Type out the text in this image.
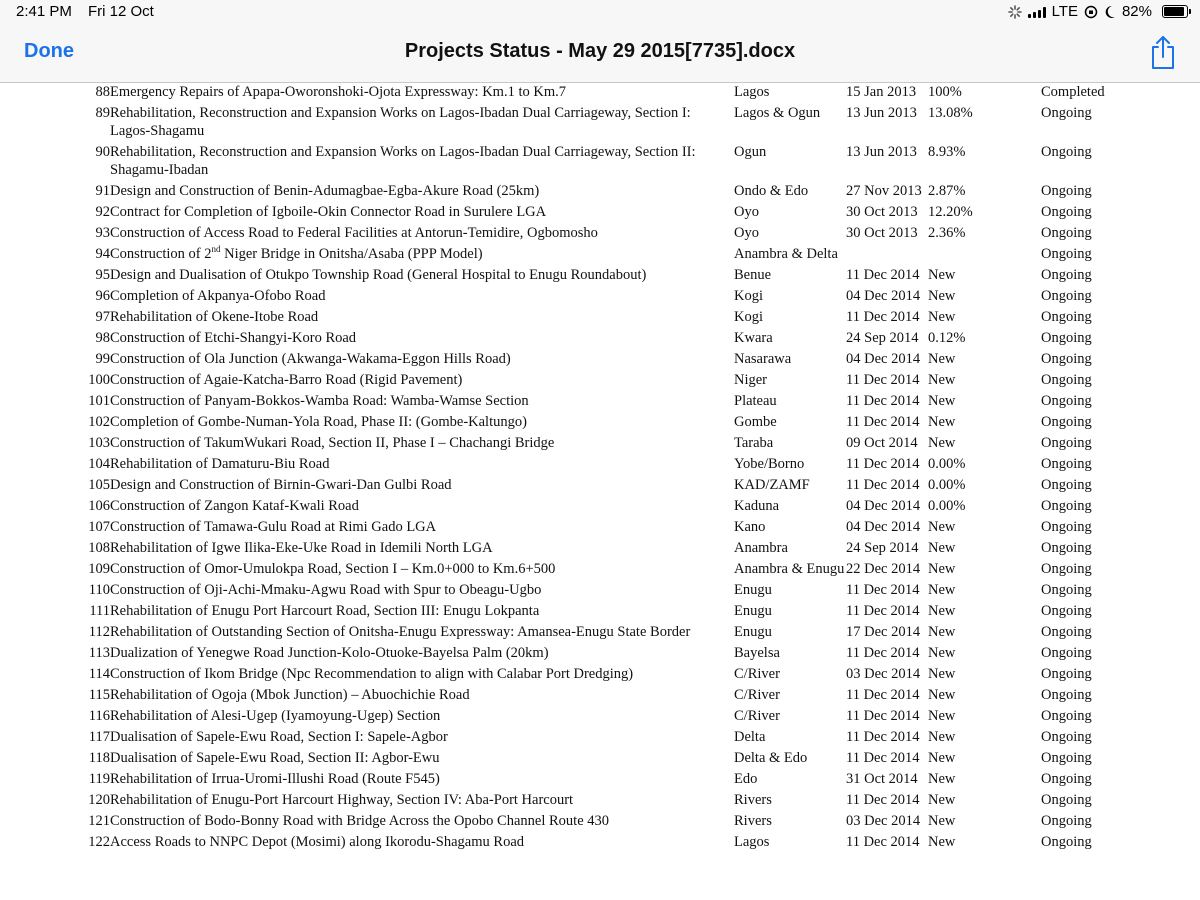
2:41 PM Fri 12 Oct	LTE	82%
Done	Projects Status - May 29 2015[7735].docx
88	Emergency Repairs of Apapa-Oworonshoki-Ojota Expressway: Km.1 to Km.7	Lagos	15 Jan 2013	100%	Completed
89	Rehabilitation, Reconstruction and Expansion Works on Lagos-Ibadan Dual Carriageway, Section I: Lagos-Shagamu	Lagos & Ogun	13 Jun 2013	13.08%	Ongoing
90	Rehabilitation, Reconstruction and Expansion Works on Lagos-Ibadan Dual Carriageway, Section II: Shagamu-Ibadan	Ogun	13 Jun 2013	8.93%	Ongoing
91	Design and Construction of Benin-Adumagbae-Egba-Akure Road (25km)	Ondo & Edo	27 Nov 2013	2.87%	Ongoing
92	Contract for Completion of Igboile-Okin Connector Road in Surulere LGA	Oyo	30 Oct 2013	12.20%	Ongoing
93	Construction of Access Road to Federal Facilities at Antorun-Temidire, Ogbomosho	Oyo	30 Oct 2013	2.36%	Ongoing
94	Construction of 2nd Niger Bridge in Onitsha/Asaba (PPP Model)	Anambra & Delta			Ongoing
95	Design and Dualisation of Otukpo Township Road (General Hospital to Enugu Roundabout)	Benue	11 Dec 2014	New	Ongoing
96	Completion of Akpanya-Ofobo Road	Kogi	04 Dec 2014	New	Ongoing
97	Rehabilitation of Okene-Itobe Road	Kogi	11 Dec 2014	New	Ongoing
98	Construction of Etchi-Shangyi-Koro Road	Kwara	24 Sep 2014	0.12%	Ongoing
99	Construction of Ola Junction (Akwanga-Wakama-Eggon Hills Road)	Nasarawa	04 Dec 2014	New	Ongoing
100	Construction of Agaie-Katcha-Barro Road (Rigid Pavement)	Niger	11 Dec 2014	New	Ongoing
101	Construction of Panyam-Bokkos-Wamba Road: Wamba-Wamse Section	Plateau	11 Dec 2014	New	Ongoing
102	Completion of Gombe-Numan-Yola Road, Phase II: (Gombe-Kaltungo)	Gombe	11 Dec 2014	New	Ongoing
103	Construction of TakumWukari Road, Section II, Phase I – Chachangi Bridge	Taraba	09 Oct 2014	New	Ongoing
104	Rehabilitation of Damaturu-Biu Road	Yobe/Borno	11 Dec 2014	0.00%	Ongoing
105	Design and Construction of Birnin-Gwari-Dan Gulbi Road	KAD/ZAMF	11 Dec 2014	0.00%	Ongoing
106	Construction of Zangon Kataf-Kwali Road	Kaduna	04 Dec 2014	0.00%	Ongoing
107	Construction of Tamawa-Gulu Road at Rimi Gado LGA	Kano	04 Dec 2014	New	Ongoing
108	Rehabilitation of Igwe Ilika-Eke-Uke Road in Idemili North LGA	Anambra	24 Sep 2014	New	Ongoing
109	Construction of Omor-Umulokpa Road, Section I – Km.0+000 to Km.6+500	Anambra & Enugu	22 Dec 2014	New	Ongoing
110	Construction of Oji-Achi-Mmaku-Agwu Road with Spur to Obeagu-Ugbo	Enugu	11 Dec 2014	New	Ongoing
111	Rehabilitation of Enugu Port Harcourt Road, Section III: Enugu Lokpanta	Enugu	11 Dec 2014	New	Ongoing
112	Rehabilitation of Outstanding Section of Onitsha-Enugu Expressway: Amansea-Enugu State Border	Enugu	17 Dec 2014	New	Ongoing
113	Dualization of Yenegwe Road Junction-Kolo-Otuoke-Bayelsa Palm (20km)	Bayelsa	11 Dec 2014	New	Ongoing
114	Construction of Ikom Bridge (Npc Recommendation to align with Calabar Port Dredging)	C/River	03 Dec 2014	New	Ongoing
115	Rehabilitation of Ogoja (Mbok Junction) – Abuochichie Road	C/River	11 Dec 2014	New	Ongoing
116	Rehabilitation of Alesi-Ugep (Iyamoyung-Ugep) Section	C/River	11 Dec 2014	New	Ongoing
117	Dualisation of Sapele-Ewu Road, Section I: Sapele-Agbor	Delta	11 Dec 2014	New	Ongoing
118	Dualisation of Sapele-Ewu Road, Section II: Agbor-Ewu	Delta & Edo	11 Dec 2014	New	Ongoing
119	Rehabilitation of Irrua-Uromi-Illushi Road (Route F545)	Edo	31 Oct 2014	New	Ongoing
120	Rehabilitation of Enugu-Port Harcourt Highway, Section IV: Aba-Port Harcourt	Rivers	11 Dec 2014	New	Ongoing
121	Construction of Bodo-Bonny Road with Bridge Across the Opobo Channel Route 430	Rivers	03 Dec 2014	New	Ongoing
122	Access Roads to NNPC Depot (Mosimi) along Ikorodu-Shagamu Road	Lagos	11 Dec 2014	New	Ongoing
